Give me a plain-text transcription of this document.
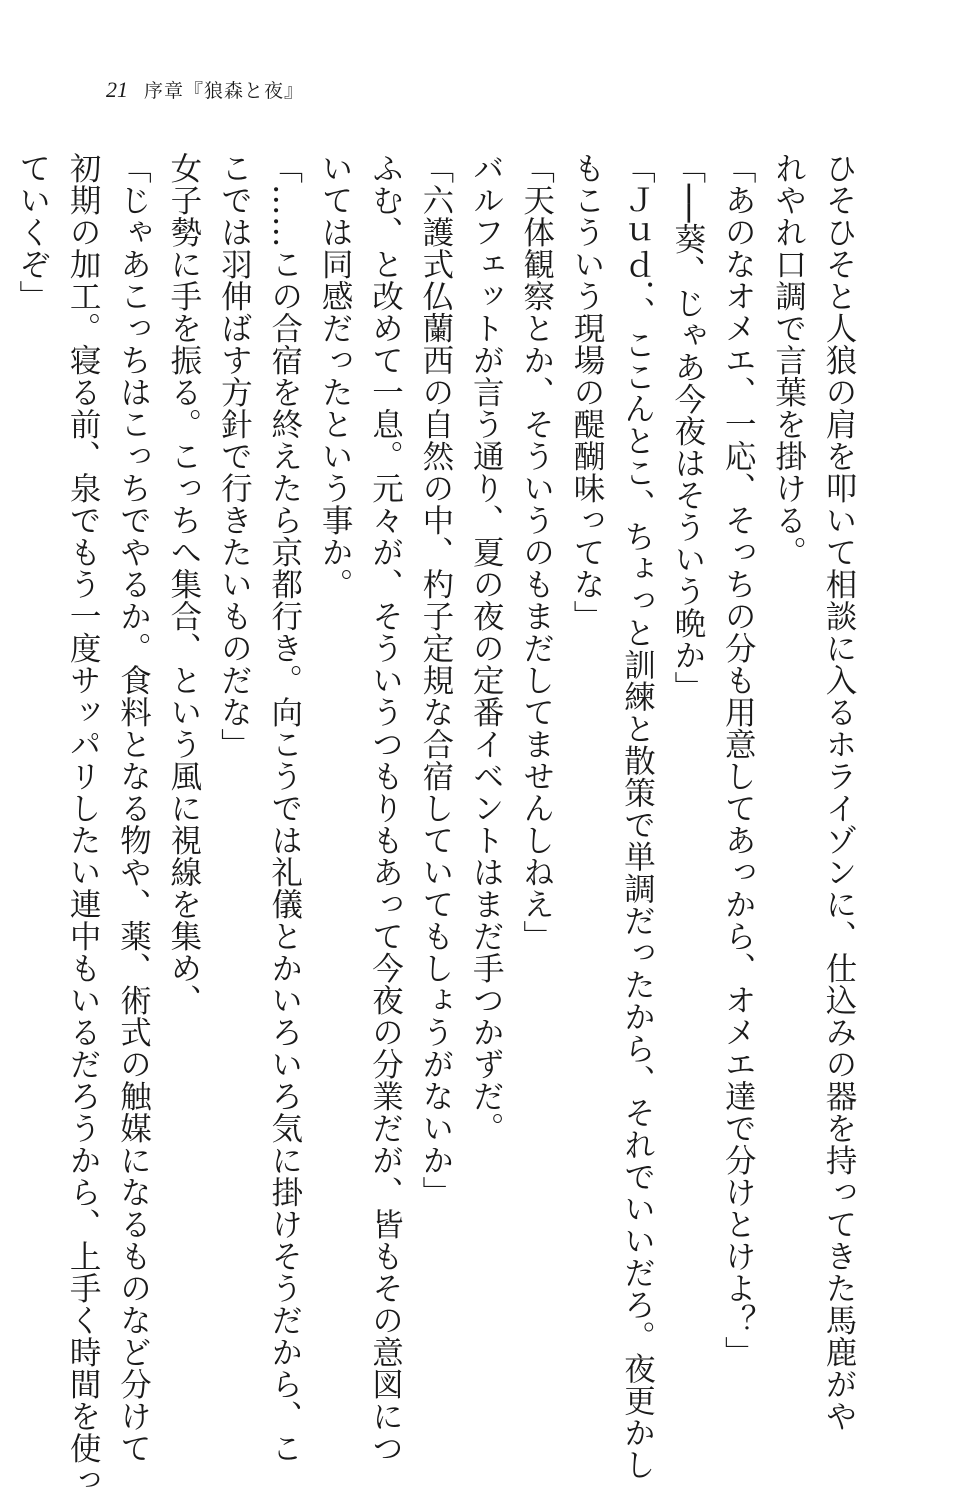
21 序章『狼森と夜』

ひそひそと人狼の肩を叩いて相談に入るホライゾンに、仕込みの器を持ってきた馬鹿がや

れやれ口調で言葉を掛ける。

「あのなオメエ、一応、そっちの分も用意してあっから、オメエ達で分けとけよ？」

「──葵、じゃあ今夜はそういう晩か」

「Ｊｕｄ．、ここんとこ、ちょっと訓練と散策で単調だったから、それでいいだろ。夜更かし

もこういう現場の醍醐味ってな」

「天体観察とか、そういうのもまだしてませんしねえ」

バルフェットが言う通り、夏の夜の定番イベントはまだ手つかずだ。

「六護式仏蘭西の自然の中、杓子定規な合宿していてもしょうがないか」

ふむ、と改めて一息。元々が、そういうつもりもあって今夜の分業だが、皆もその意図につ

いては同感だったという事か。

「……この合宿を終えたら京都行き。向こうでは礼儀とかいろいろ気に掛けそうだから、こ

こでは羽伸ばす方針で行きたいものだな」

女子勢に手を振る。こっちへ集合、という風に視線を集め、

「じゃあこっちはこっちでやるか。食料となる物や、薬、術式の触媒になるものなど分けて

初期の加工。寝る前、泉でもう一度サッパリしたい連中もいるだろうから、上手く時間を使っ

ていくぞ」
